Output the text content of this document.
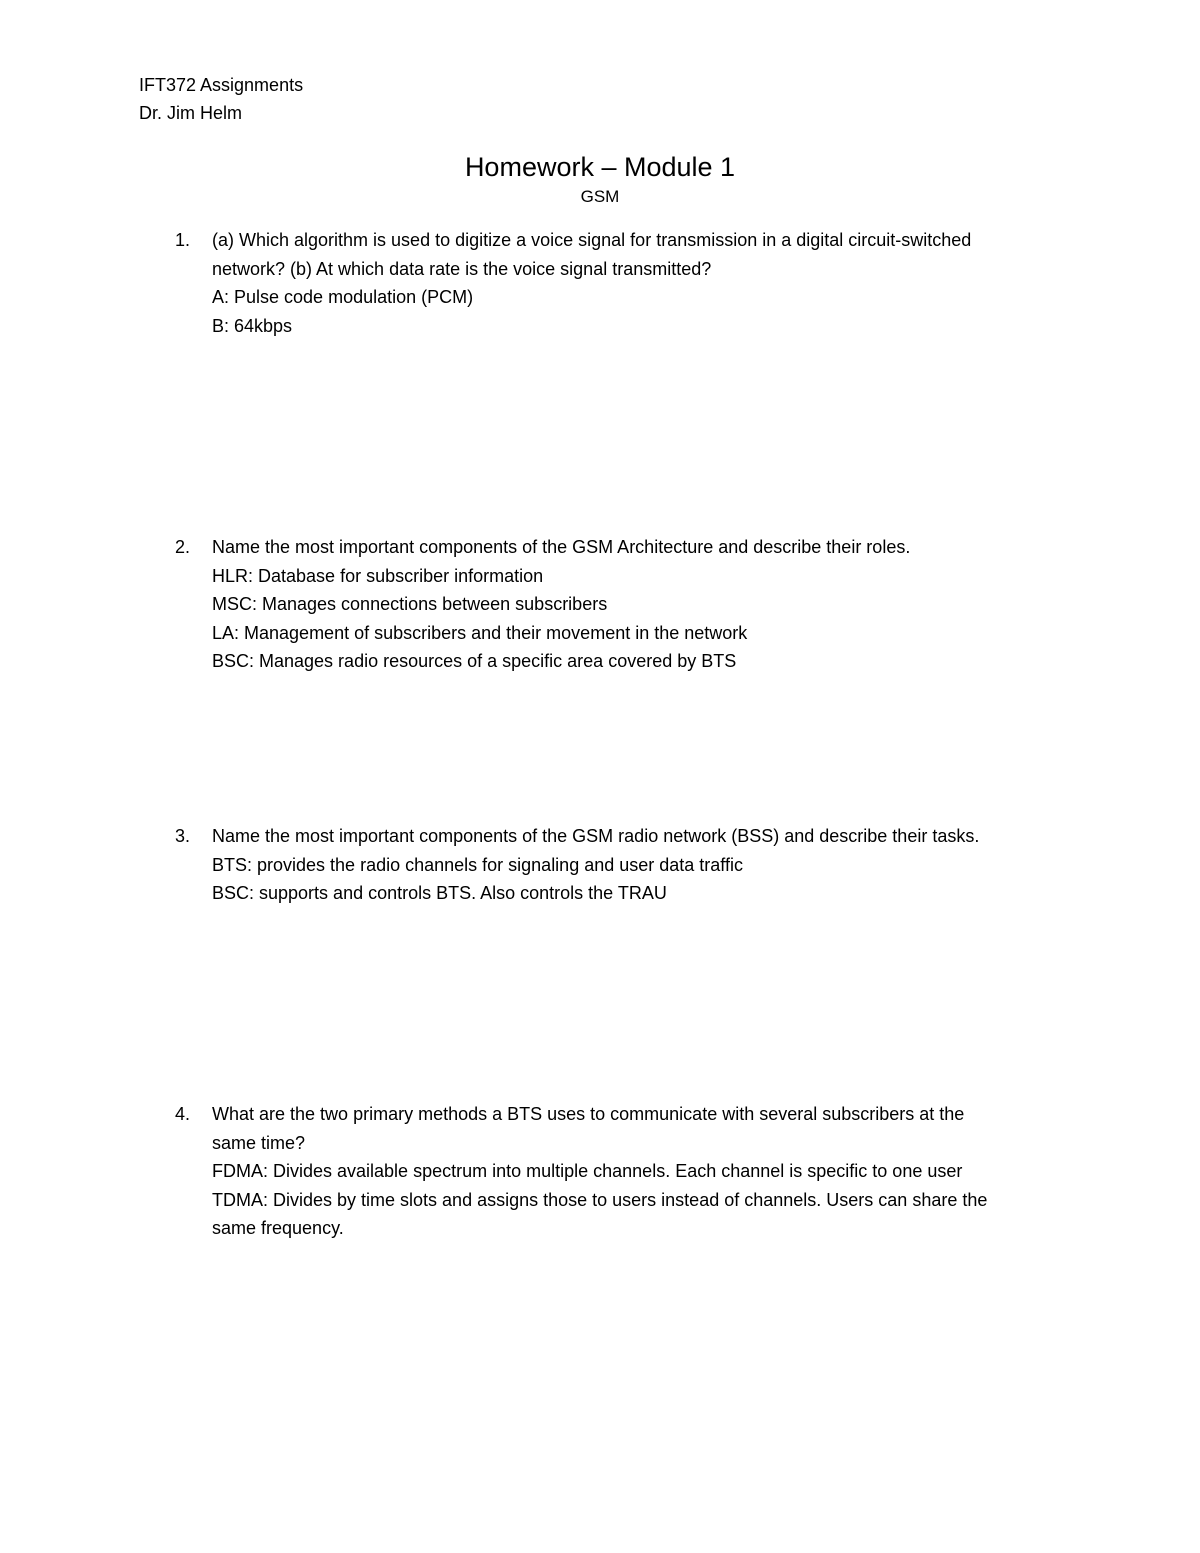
IFT372 Assignments
Dr. Jim Helm
Homework – Module 1
GSM
1.	(a) Which algorithm is used to digitize a voice signal for transmission in a digital circuit-switched
network? (b) At which data rate is the voice signal transmitted?
A: Pulse code modulation (PCM)
B: 64kbps
2.	Name the most important components of the GSM Architecture and describe their roles.
HLR: Database for subscriber information
MSC: Manages connections between subscribers
LA: Management of subscribers and their movement in the network
BSC: Manages radio resources of a specific area covered by BTS
3.	Name the most important components of the GSM radio network (BSS) and describe their tasks.
BTS: provides the radio channels for signaling and user data traffic
BSC: supports and controls BTS. Also controls the TRAU
4.	What are the two primary methods a BTS uses to communicate with several subscribers at the
same time?
FDMA: Divides available spectrum into multiple channels. Each channel is specific to one user
TDMA: Divides by time slots and assigns those to users instead of channels. Users can share the
same frequency.
